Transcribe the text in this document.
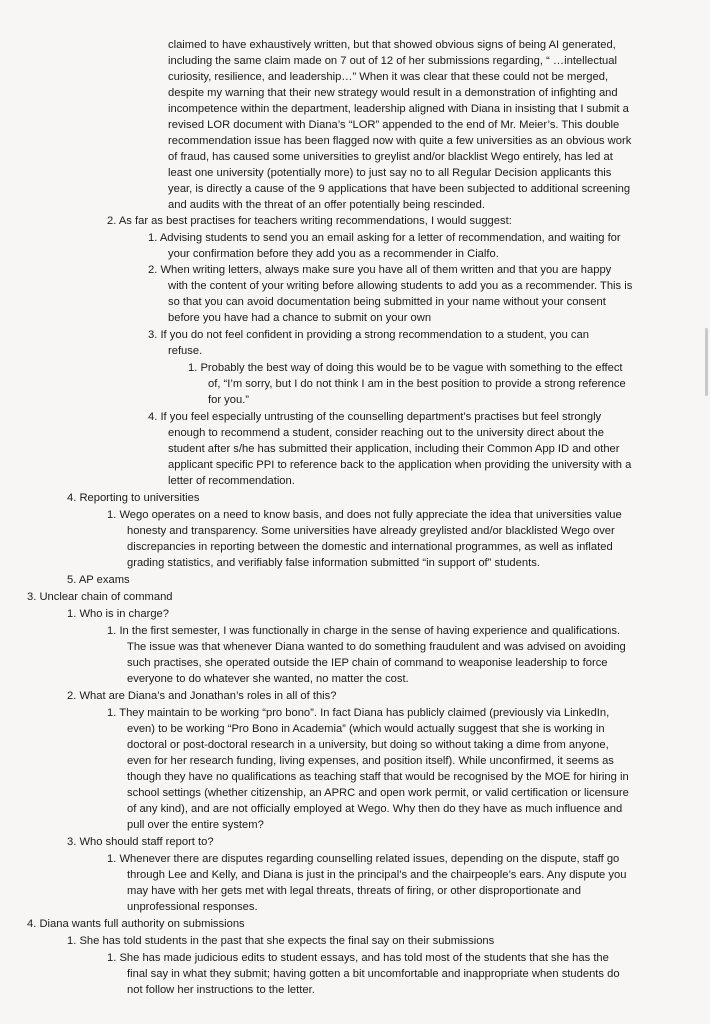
claimed to have exhaustively written, but that showed obvious signs of being AI generated,
including the same claim made on 7 out of 12 of her submissions regarding, “ …intellectual
curiosity, resilience, and leadership…” When it was clear that these could not be merged,
despite my warning that their new strategy would result in a demonstration of infighting and
incompetence within the department, leadership aligned with Diana in insisting that I submit a
revised LOR document with Diana’s “LOR” appended to the end of Mr. Meier’s. This double
recommendation issue has been flagged now with quite a few universities as an obvious work
of fraud, has caused some universities to greylist and/or blacklist Wego entirely, has led at
least one university (potentially more) to just say no to all Regular Decision applicants this
year, is directly a cause of the 9 applications that have been subjected to additional screening
and audits with the threat of an offer potentially being rescinded.
2. As far as best practises for teachers writing recommendations, I would suggest:
1. Advising students to send you an email asking for a letter of recommendation, and waiting for
your confirmation before they add you as a recommender in Cialfo.
2. When writing letters, always make sure you have all of them written and that you are happy
with the content of your writing before allowing students to add you as a recommender. This is
so that you can avoid documentation being submitted in your name without your consent
before you have had a chance to submit on your own
3. If you do not feel confident in providing a strong recommendation to a student, you can
refuse.
1. Probably the best way of doing this would be to be vague with something to the effect
of, “I’m sorry, but I do not think I am in the best position to provide a strong reference
for you.”
4. If you feel especially untrusting of the counselling department’s practises but feel strongly
enough to recommend a student, consider reaching out to the university direct about the
student after s/he has submitted their application, including their Common App ID and other
applicant specific PPI to reference back to the application when providing the university with a
letter of recommendation.
4. Reporting to universities
1. Wego operates on a need to know basis, and does not fully appreciate the idea that universities value
honesty and transparency. Some universities have already greylisted and/or blacklisted Wego over
discrepancies in reporting between the domestic and international programmes, as well as inflated
grading statistics, and verifiably false information submitted “in support of” students.
5. AP exams
3. Unclear chain of command
1. Who is in charge?
1. In the first semester, I was functionally in charge in the sense of having experience and qualifications.
The issue was that whenever Diana wanted to do something fraudulent and was advised on avoiding
such practises, she operated outside the IEP chain of command to weaponise leadership to force
everyone to do whatever she wanted, no matter the cost.
2. What are Diana’s and Jonathan’s roles in all of this?
1. They maintain to be working “pro bono”. In fact Diana has publicly claimed (previously via LinkedIn,
even) to be working “Pro Bono in Academia” (which would actually suggest that she is working in
doctoral or post-doctoral research in a university, but doing so without taking a dime from anyone,
even for her research funding, living expenses, and position itself). While unconfirmed, it seems as
though they have no qualifications as teaching staff that would be recognised by the MOE for hiring in
school settings (whether citizenship, an APRC and open work permit, or valid certification or licensure
of any kind), and are not officially employed at Wego. Why then do they have as much influence and
pull over the entire system?
3. Who should staff report to?
1. Whenever there are disputes regarding counselling related issues, depending on the dispute, staff go
through Lee and Kelly, and Diana is just in the principal’s and the chairpeople’s ears. Any dispute you
may have with her gets met with legal threats, threats of firing, or other disproportionate and
unprofessional responses.
4. Diana wants full authority on submissions
1. She has told students in the past that she expects the final say on their submissions
1. She has made judicious edits to student essays, and has told most of the students that she has the
final say in what they submit; having gotten a bit uncomfortable and inappropriate when students do
not follow her instructions to the letter.
